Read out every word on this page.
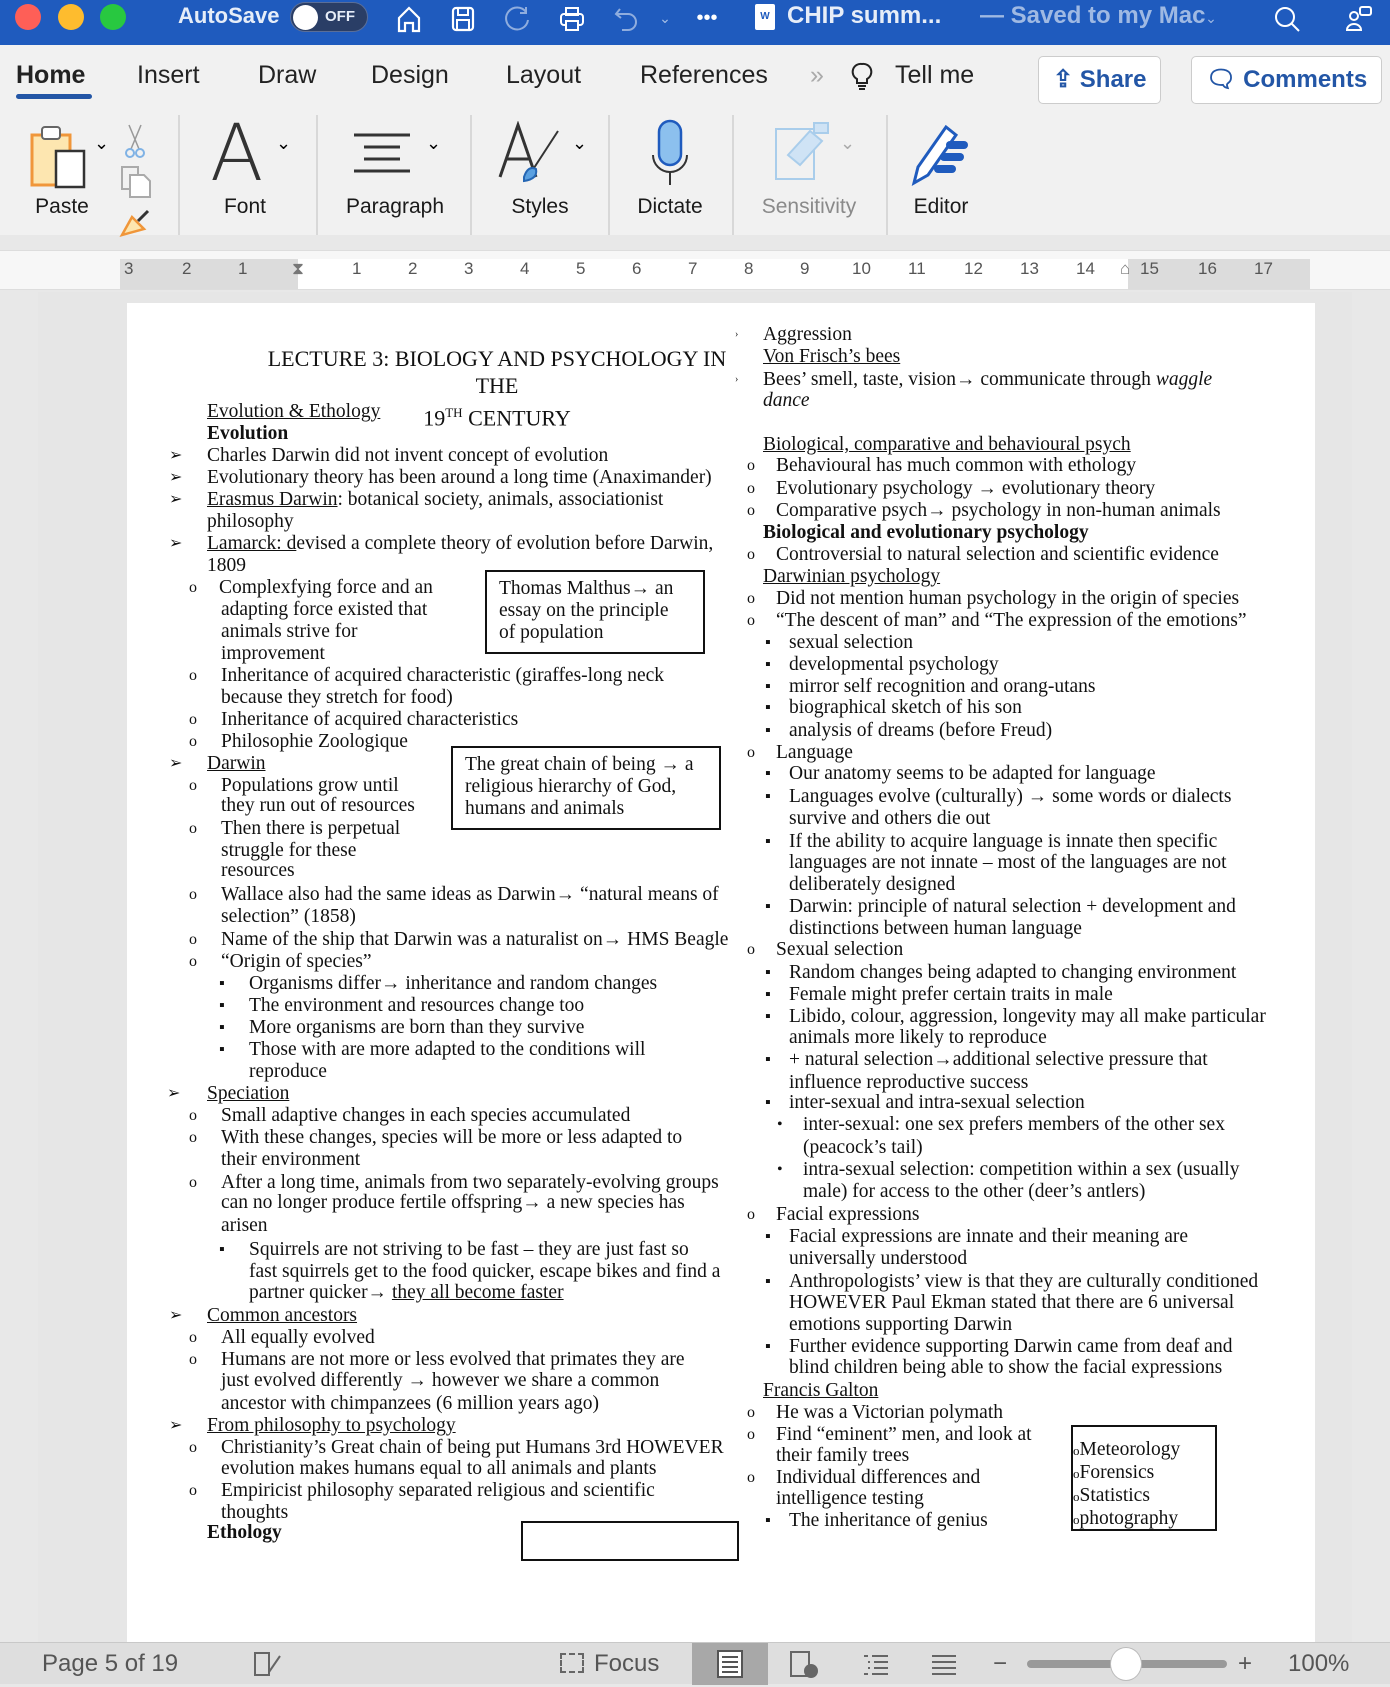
AutoSave	OFF	⌄	•••	W CHIP summ... — Saved to my Mac ⌄
Home Insert Draw Design Layout References »	Tell me	⇪ Share	🗨 Comments
⌄
Paste
A ⌄
Font
⌄
Paragraph
⌄
Styles	Dictate
⌄
Sensitivity	Editor
3	2	1	⧗	1	2	3	4	5	6	7	8	9	10 11 12 13 14 ⌂ 15 16 17
LECTURE 3: BIOLOGY AND PSYCHOLOGY IN THE
19TH CENTURY
Evolution & Ethology
Evolution
➢ Charles Darwin did not invent concept of evolution
➢ Evolutionary theory has been around a long time (Anaximander)
➢ Erasmus Darwin: botanical society, animals, associationist
philosophy
➢ Lamarck: devised a complete theory of evolution before Darwin,
1809
o Complexfying force and an
adapting force existed that
animals strive for
improvement
Thomas Malthus→ an
essay on the principle
of population
o Inheritance of acquired characteristic (giraffes-long neck
because they stretch for food)
o Inheritance of acquired characteristics
o Philosophie Zoologique
➢ Darwin	The great chain of being → a
religious hierarchy of God,
humans and animals
o Populations grow until
they run out of resources
o Then there is perpetual
struggle for these
resources
o Wallace also had the same ideas as Darwin→ “natural means of
selection” (1858)
o Name of the ship that Darwin was a naturalist on→ HMS Beagle
o “Origin of species”
▪ Organisms differ→ inheritance and random changes
▪ The environment and resources change too
▪ More organisms are born than they survive
▪ Those with are more adapted to the conditions will
reproduce
➢ Speciation
o Small adaptive changes in each species accumulated
o With these changes, species will be more or less adapted to
their environment
o After a long time, animals from two separately-evolving groups
can no longer produce fertile offspring→ a new species has
arisen
▪ Squirrels are not striving to be fast – they are just fast so
fast squirrels get to the food quicker, escape bikes and find a
partner quicker→ they all become faster
➢ Common ancestors
o All equally evolved
o Humans are not more or less evolved that primates they are
just evolved differently → however we share a common
ancestor with chimpanzees (6 million years ago)
➢ From philosophy to psychology
o Christianity’s Great chain of being put Humans 3rd HOWEVER
evolution makes humans equal to all animals and plants
o Empiricist philosophy separated religious and scientific
thoughts
Ethology
› Aggression
Von Frisch’s bees
› Bees’ smell, taste, vision→ communicate through waggle
dance
Biological, comparative and behavioural psych
o Behavioural has much common with ethology
o Evolutionary psychology → evolutionary theory
o Comparative psych→ psychology in non-human animals
Biological and evolutionary psychology
o Controversial to natural selection and scientific evidence
Darwinian psychology
o Did not mention human psychology in the origin of species
o “The descent of man” and “The expression of the emotions”
▪ sexual selection
▪ developmental psychology
▪ mirror self recognition and orang-utans
▪ biographical sketch of his son
▪ analysis of dreams (before Freud)
o Language
▪ Our anatomy seems to be adapted for language
▪ Languages evolve (culturally) → some words or dialects
survive and others die out
▪ If the ability to acquire language is innate then specific
languages are not innate – most of the languages are not
deliberately designed
▪ Darwin: principle of natural selection + development and
distinctions between human language
o Sexual selection
▪ Random changes being adapted to changing environment
▪ Female might prefer certain traits in male
▪ Libido, colour, aggression, longevity may all make particular
animals more likely to reproduce
▪ + natural selection→additional selective pressure that
influence reproductive success
▪ inter-sexual and intra-sexual selection
• inter-sexual: one sex prefers members of the other sex
(peacock’s tail)
• intra-sexual selection: competition within a sex (usually
male) for access to the other (deer’s antlers)
o Facial expressions
▪ Facial expressions are innate and their meaning are
universally understood
▪ Anthropologists’ view is that they are culturally conditioned
HOWEVER Paul Ekman stated that there are 6 universal
emotions supporting Darwin
▪ Further evidence supporting Darwin came from deaf and
blind children being able to show the facial expressions
Francis Galton
o He was a Victorian polymath
o Find “eminent” men, and look at
their family trees
o Individual differences and
intelligence testing
▪ The inheritance of genius
oMeteorology
oForensics
oStatistics
ophotography
Page 5 of 19	Focus	−	+ 100%
